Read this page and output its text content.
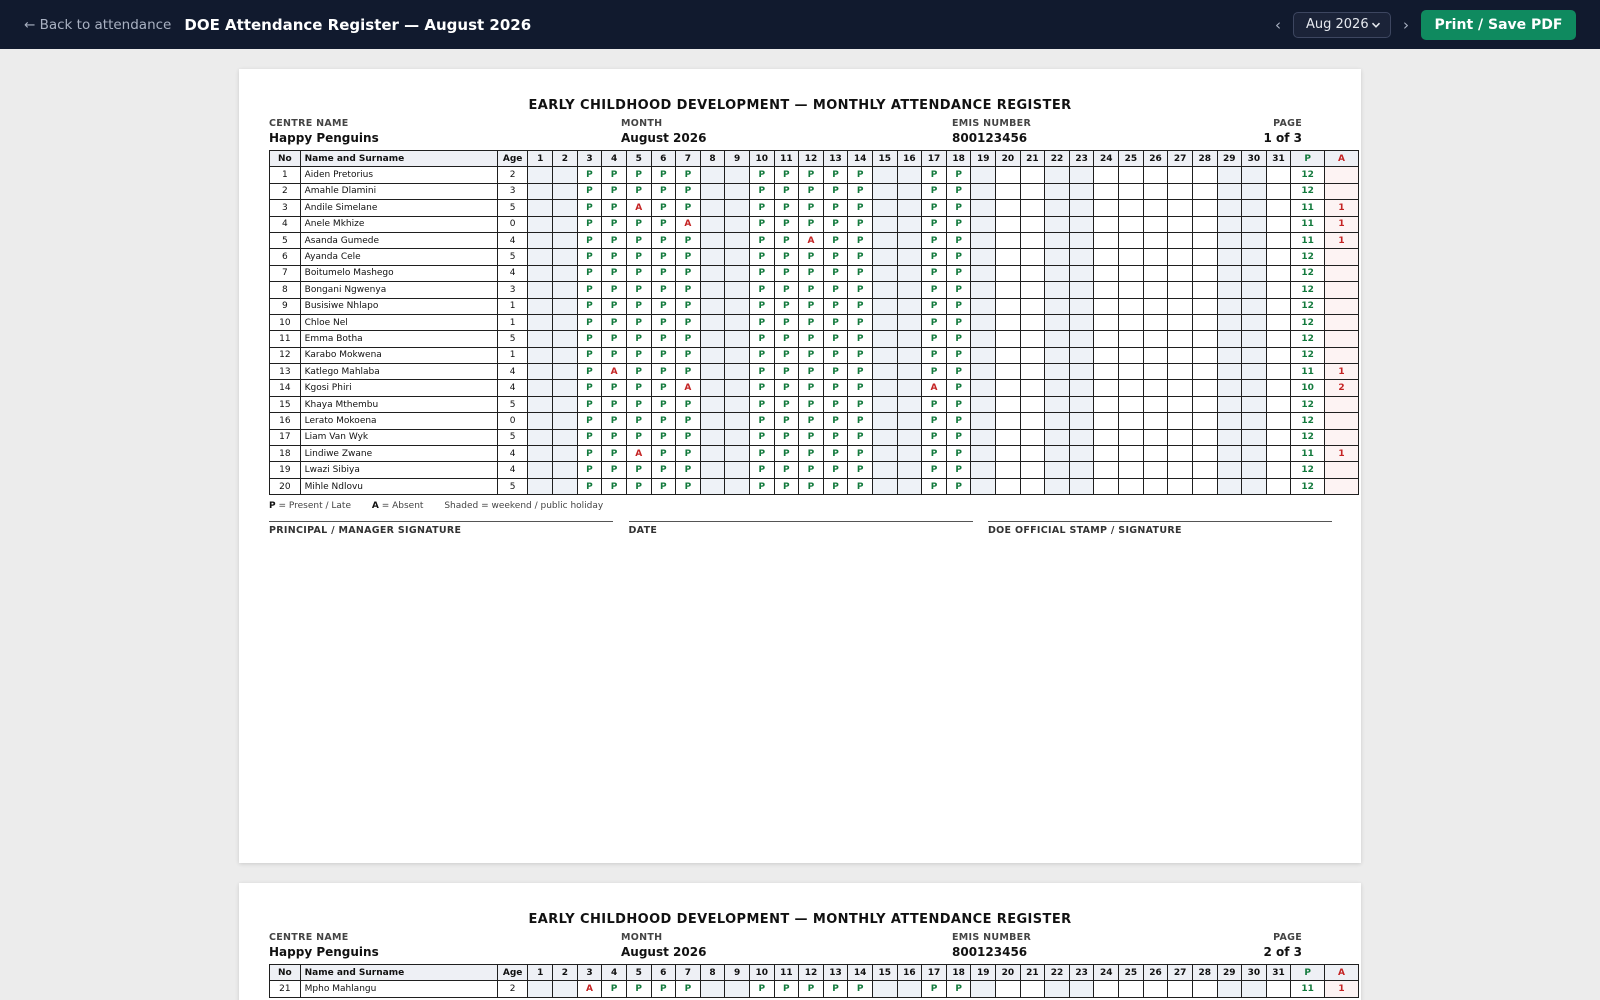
← Back to attendance DOE Attendance Register — August 2026	‹	Aug 2026	›	Print / Save PDF
EARLY CHILDHOOD DEVELOPMENT — MONTHLY ATTENDANCE REGISTER
CENTRE NAME
Happy Penguins
MONTH
August 2026
EMIS NUMBER
800123456
PAGE
1 of 3
No	Name and Surname	Age	1	2	3	4	5	6	7	8	9	10	11	12	13	14	15	16	17	18	19	20	21	22	23	24	25	26	27	28	29	30	31	P	A
1	Aiden Pretorius	2			P	P	P	P	P			P	P	P	P	P			P	P														12	
2	Amahle Dlamini	3			P	P	P	P	P			P	P	P	P	P			P	P														12	
3	Andile Simelane	5			P	P	A	P	P			P	P	P	P	P			P	P														11	1
4	Anele Mkhize	0			P	P	P	P	A			P	P	P	P	P			P	P														11	1
5	Asanda Gumede	4			P	P	P	P	P			P	P	A	P	P			P	P														11	1
6	Ayanda Cele	5			P	P	P	P	P			P	P	P	P	P			P	P														12	
7	Boitumelo Mashego	4			P	P	P	P	P			P	P	P	P	P			P	P														12	
8	Bongani Ngwenya	3			P	P	P	P	P			P	P	P	P	P			P	P														12	
9	Busisiwe Nhlapo	1			P	P	P	P	P			P	P	P	P	P			P	P														12	
10	Chloe Nel	1			P	P	P	P	P			P	P	P	P	P			P	P														12	
11	Emma Botha	5			P	P	P	P	P			P	P	P	P	P			P	P														12	
12	Karabo Mokwena	1			P	P	P	P	P			P	P	P	P	P			P	P														12	
13	Katlego Mahlaba	4			P	A	P	P	P			P	P	P	P	P			P	P														11	1
14	Kgosi Phiri	4			P	P	P	P	A			P	P	P	P	P			A	P														10	2
15	Khaya Mthembu	5			P	P	P	P	P			P	P	P	P	P			P	P														12	
16	Lerato Mokoena	0			P	P	P	P	P			P	P	P	P	P			P	P														12	
17	Liam Van Wyk	5			P	P	P	P	P			P	P	P	P	P			P	P														12	
18	Lindiwe Zwane	4			P	P	A	P	P			P	P	P	P	P			P	P														11	1
19	Lwazi Sibiya	4			P	P	P	P	P			P	P	P	P	P			P	P														12	
20	Mihle Ndlovu	5			P	P	P	P	P			P	P	P	P	P			P	P														12	
P = Present / Late A = Absent Shaded = weekend / public holiday
PRINCIPAL / MANAGER SIGNATURE	DATE	DOE OFFICIAL STAMP / SIGNATURE
EARLY CHILDHOOD DEVELOPMENT — MONTHLY ATTENDANCE REGISTER
CENTRE NAME
Happy Penguins
MONTH
August 2026
EMIS NUMBER
800123456
PAGE
2 of 3
No	Name and Surname	Age	1	2	3	4	5	6	7	8	9	10	11	12	13	14	15	16	17	18	19	20	21	22	23	24	25	26	27	28	29	30	31	P	A
21	Mpho Mahlangu	2			A	P	P	P	P			P	P	P	P	P			P	P														11	1
